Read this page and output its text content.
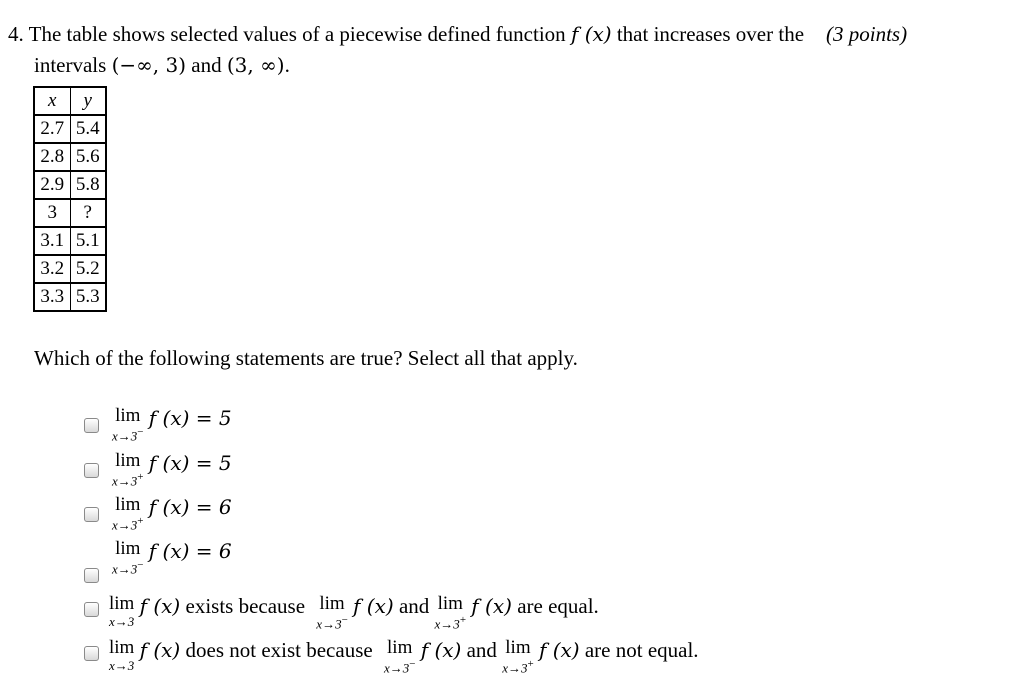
4. The table shows selected values of a piecewise defined function f (x) that increases over the (3 points)
intervals (−∞, 3) and (3, ∞).
x	y
2.7	5.4
2.8	5.6
2.9	5.8
3	?
3.1	5.1
3.2	5.2
3.3	5.3
Which of the following statements are true? Select all that apply.
lim
x→3−
f (x) = 5
lim
x→3+
f (x) = 5
lim
x→3+
f (x) = 6
lim
x→3−
f (x) = 6
lim
x→3
f (x) exists because lim
x→3−
f (x) and lim
x→3+
f (x) are equal.
lim
x→3
f (x) does not exist because lim
x→3−
f (x) and lim
x→3+
f (x) are not equal.
